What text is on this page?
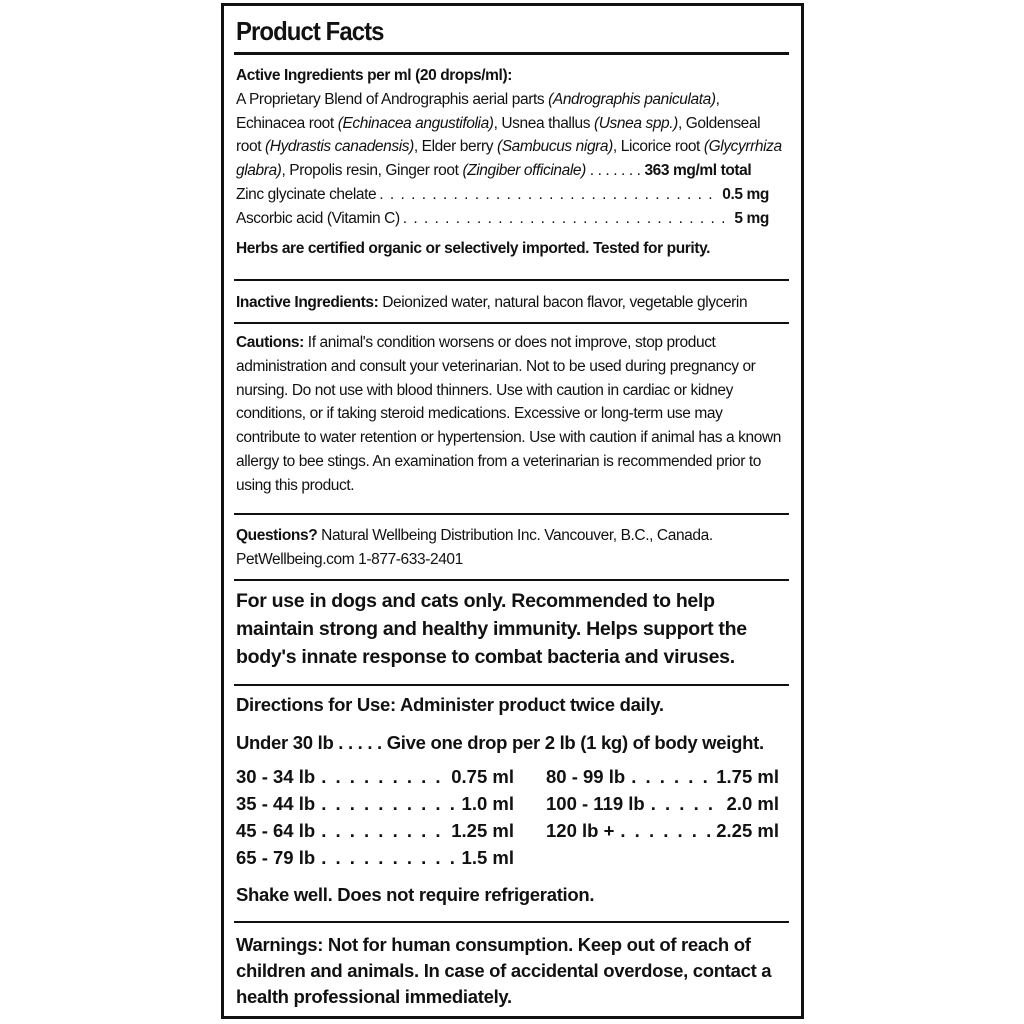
Product Facts
Active Ingredients per ml (20 drops/ml):
A Proprietary Blend of Andrographis aerial parts (Andrographis paniculata), Echinacea root (Echinacea angustifolia), Usnea thallus (Usnea spp.), Goldenseal root (Hydrastis canadensis), Elder berry (Sambucus nigra), Licorice root (Glycyrrhiza glabra), Propolis resin, Ginger root (Zingiber officinale) . . . . . . . 363 mg/ml total
Zinc glycinate chelate . . .	0.5 mg
Ascorbic acid (Vitamin C) . . .	5 mg
Herbs are certified organic or selectively imported. Tested for purity.
Inactive Ingredients: Deionized water, natural bacon flavor, vegetable glycerin
Cautions: If animal's condition worsens or does not improve, stop product administration and consult your veterinarian. Not to be used during pregnancy or nursing. Do not use with blood thinners. Use with caution in cardiac or kidney conditions, or if taking steroid medications. Excessive or long-term use may contribute to water retention or hypertension. Use with caution if animal has a known allergy to bee stings. An examination from a veterinarian is recommended prior to using this product.
Questions? Natural Wellbeing Distribution Inc. Vancouver, B.C., Canada.
PetWellbeing.com 1-877-633-2401
For use in dogs and cats only. Recommended to help maintain strong and healthy immunity. Helps support the body's innate response to combat bacteria and viruses.
Directions for Use: Administer product twice daily.
Under 30 lb . . . . . Give one drop per 2 lb (1 kg) of body weight.
30 - 34 lb . . .	0.75 ml
35 - 44 lb . . .	1.0 ml
45 - 64 lb . . .	1.25 ml
65 - 79 lb . . .	1.5 ml
80 - 99 lb . . .	1.75 ml
100 - 119 lb . . .	2.0 ml
120 lb + . . .	2.25 ml
Shake well. Does not require refrigeration.
Warnings: Not for human consumption. Keep out of reach of children and animals. In case of accidental overdose, contact a health professional immediately.
